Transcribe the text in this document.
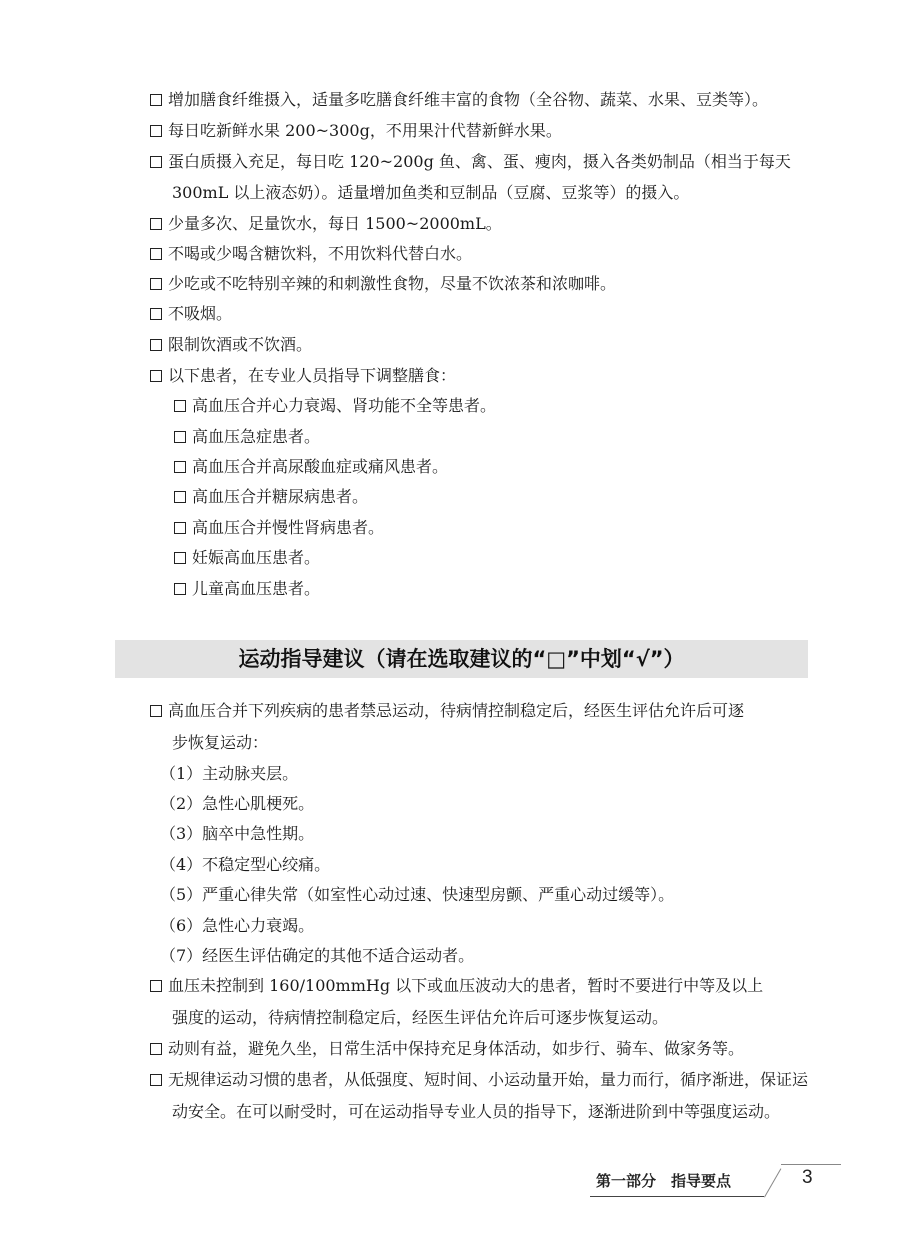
增加膳食纤维摄入，适量多吃膳食纤维丰富的食物（全谷物、蔬菜、水果、豆类等）。
每日吃新鲜水果 200~300g，不用果汁代替新鲜水果。
蛋白质摄入充足，每日吃 120~200g 鱼、禽、蛋、瘦肉，摄入各类奶制品（相当于每天
300mL 以上液态奶）。适量增加鱼类和豆制品（豆腐、豆浆等）的摄入。
少量多次、足量饮水，每日 1500~2000mL。
不喝或少喝含糖饮料，不用饮料代替白水。
少吃或不吃特别辛辣的和刺激性食物，尽量不饮浓茶和浓咖啡。
不吸烟。
限制饮酒或不饮酒。
以下患者，在专业人员指导下调整膳食：
高血压合并心力衰竭、肾功能不全等患者。
高血压急症患者。
高血压合并高尿酸血症或痛风患者。
高血压合并糖尿病患者。
高血压合并慢性肾病患者。
妊娠高血压患者。
儿童高血压患者。
运动指导建议（请在选取建议的“□”中划“√”）
高血压合并下列疾病的患者禁忌运动，待病情控制稳定后，经医生评估允许后可逐
步恢复运动：
（1）主动脉夹层。
（2）急性心肌梗死。
（3）脑卒中急性期。
（4）不稳定型心绞痛。
（5）严重心律失常（如室性心动过速、快速型房颤、严重心动过缓等）。
（6）急性心力衰竭。
（7）经医生评估确定的其他不适合运动者。
血压未控制到 160/100mmHg 以下或血压波动大的患者，暂时不要进行中等及以上
强度的运动，待病情控制稳定后，经医生评估允许后可逐步恢复运动。
动则有益，避免久坐，日常生活中保持充足身体活动，如步行、骑车、做家务等。
无规律运动习惯的患者，从低强度、短时间、小运动量开始，量力而行，循序渐进，保证运
动安全。在可以耐受时，可在运动指导专业人员的指导下，逐渐进阶到中等强度运动。
第一部分　指导要点	3
